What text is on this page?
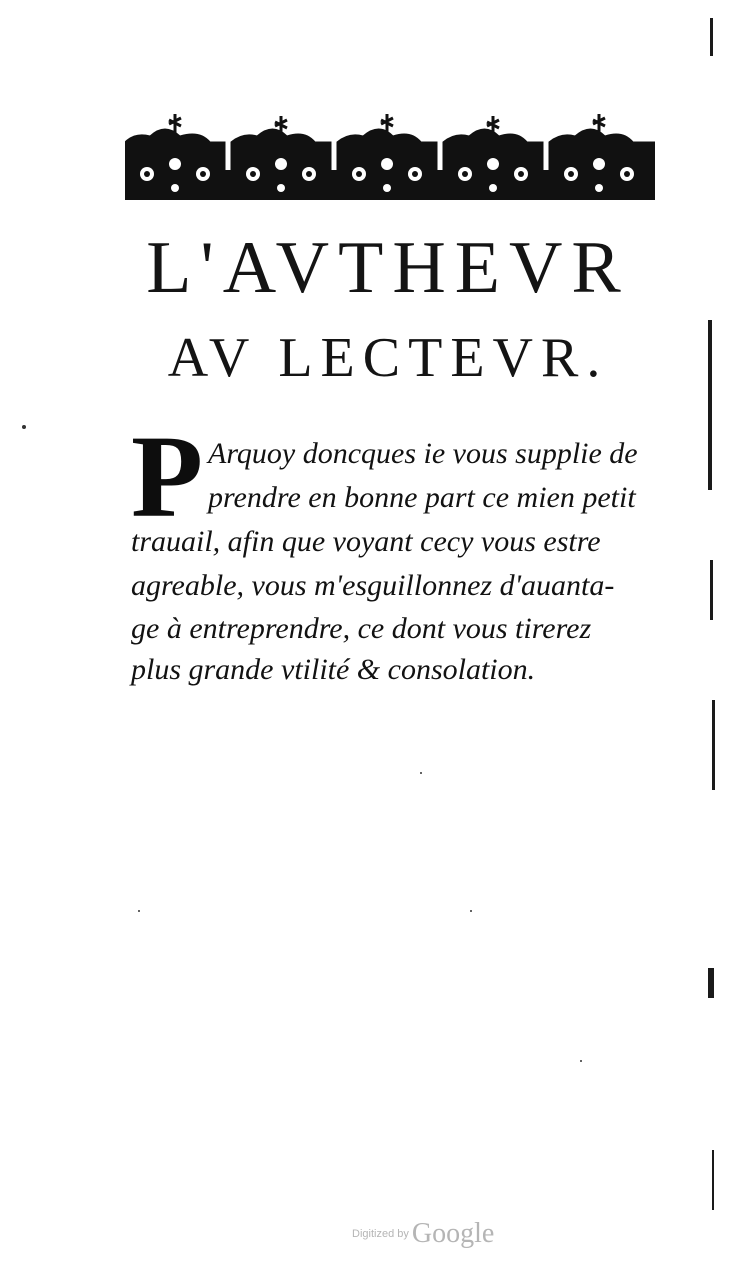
L'AVTHEVR
AV LECTEVR.
P Arquoy doncques ie vous supplie de
prendre en bonne part ce mien petit
trauail, afin que voyant cecy vous estre
agreable, vous m'esguillonnez d'auanta-
ge à entreprendre, ce dont vous tirerez
plus grande vtilité & consolation.
Digitized by Google
